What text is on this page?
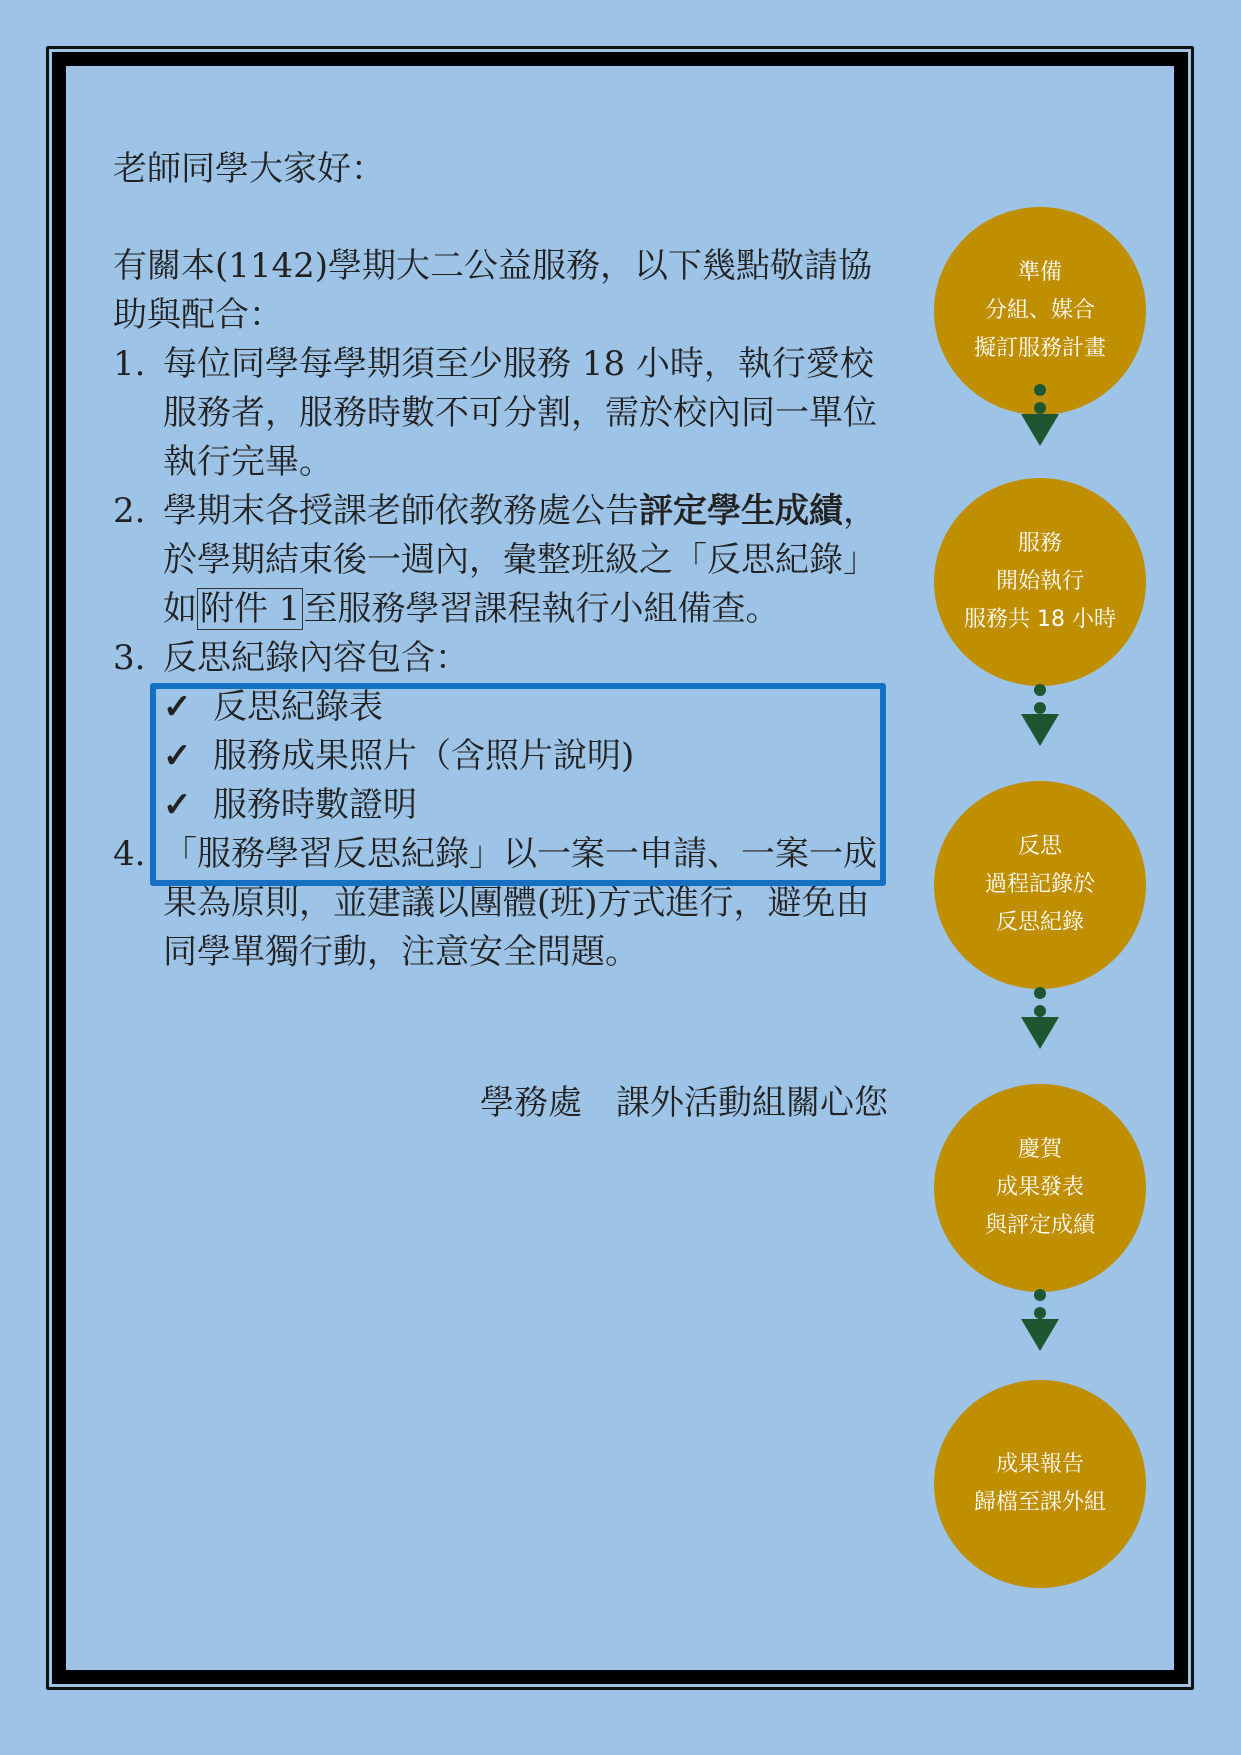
老師同學大家好：

有關本(1142)學期大二公益服務，以下幾點敬請協助與配合：

1. 每位同學每學期須至少服務 18 小時，執行愛校服務者，服務時數不可分割，需於校內同一單位執行完畢。
2. 學期末各授課老師依教務處公告評定學生成績，於學期結束後一週內，彙整班級之「反思紀錄」如附件 1至服務學習課程執行小組備查。
3. 反思紀錄內容包含：
✓ 反思紀錄表
✓ 服務成果照片（含照片說明)
✓ 服務時數證明
4. 「服務學習反思紀錄」以一案一申請、一案一成果為原則，並建議以團體(班)方式進行，避免由同學單獨行動，注意安全問題。
學務處　課外活動組關心您
準備
分組、媒合
擬訂服務計畫
服務
開始執行
服務共 18 小時
反思
過程記錄於
反思紀錄
慶賀
成果發表
與評定成績
成果報告
歸檔至課外組
